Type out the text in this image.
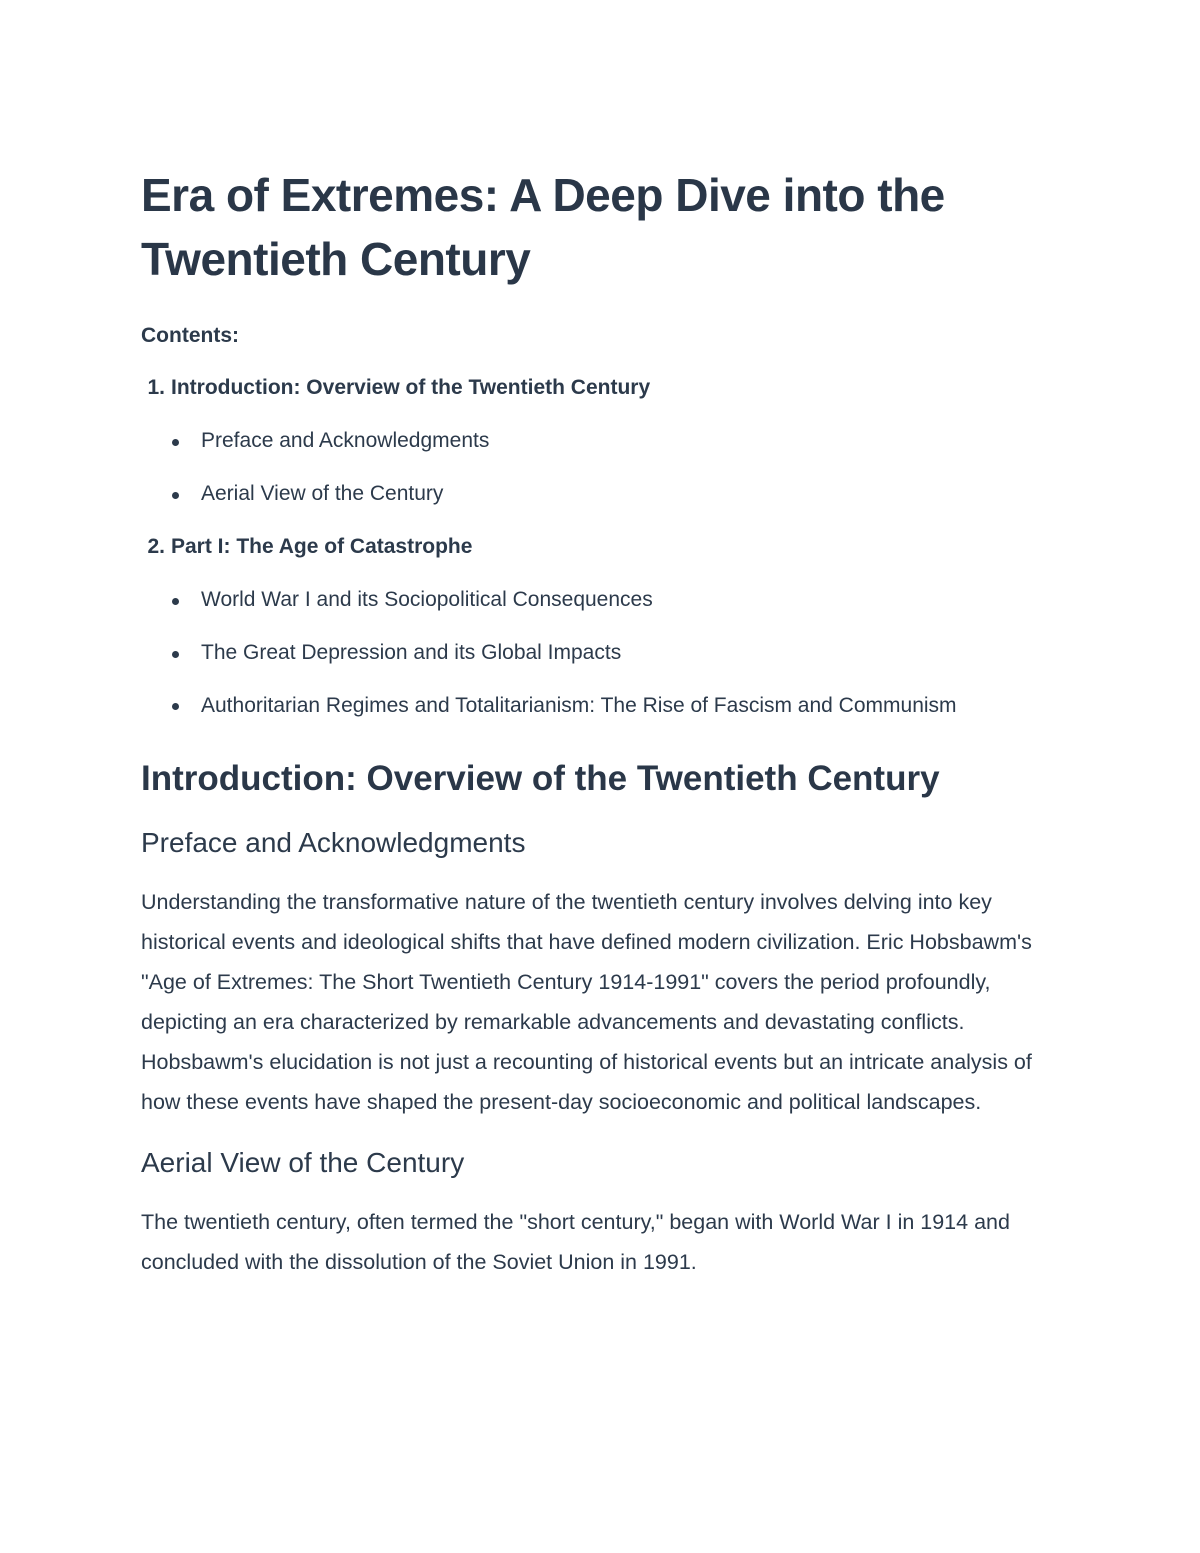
Era of Extremes: A Deep Dive into the Twentieth Century
Contents:
1. Introduction: Overview of the Twentieth Century
Preface and Acknowledgments
Aerial View of the Century
2. Part I: The Age of Catastrophe
World War I and its Sociopolitical Consequences
The Great Depression and its Global Impacts
Authoritarian Regimes and Totalitarianism: The Rise of Fascism and Communism
Introduction: Overview of the Twentieth Century
Preface and Acknowledgments

Understanding the transformative nature of the twentieth century involves delving into key historical events and ideological shifts that have defined modern civilization. Eric Hobsbawm's "Age of Extremes: The Short Twentieth Century 1914-1991" covers the period profoundly, depicting an era characterized by remarkable advancements and devastating conflicts. Hobsbawm's elucidation is not just a recounting of historical events but an intricate analysis of how these events have shaped the present-day socioeconomic and political landscapes.

Aerial View of the Century

The twentieth century, often termed the "short century," began with World War I in 1914 and concluded with the dissolution of the Soviet Union in 1991.
